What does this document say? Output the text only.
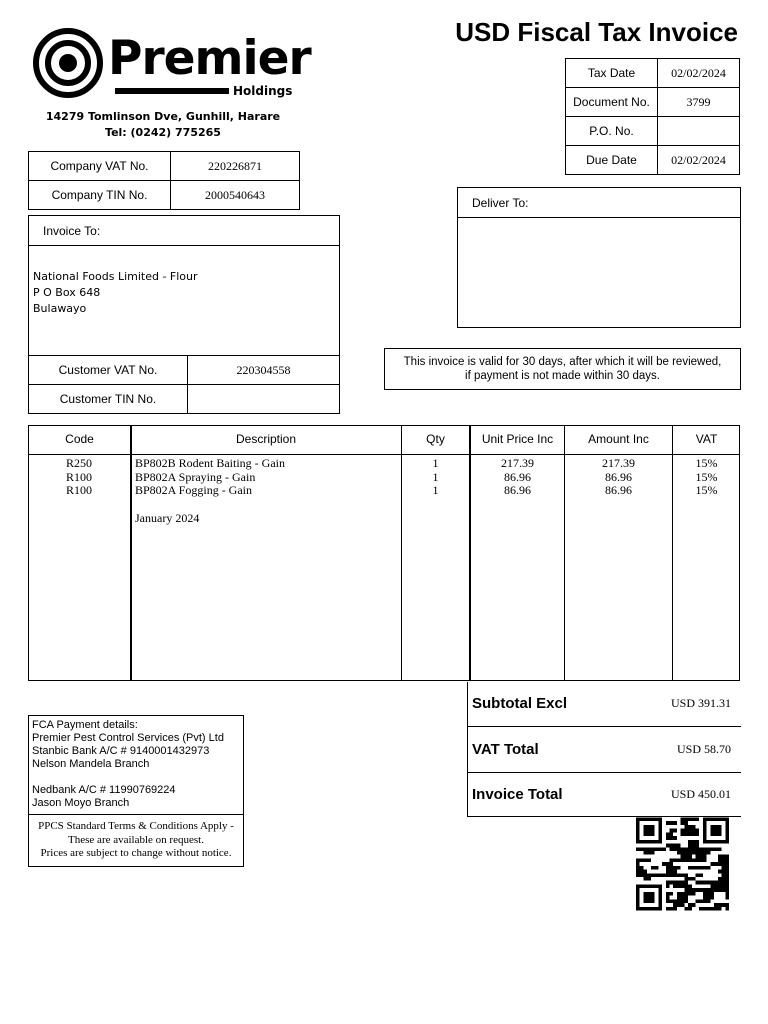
Premier
Holdings
14279 Tomlinson Dve, Gunhill, Harare
Tel: (0242) 775265
USD Fiscal Tax Invoice
Tax Date	02/02/2024
Document No.	3799
P.O. No.	
Due Date	02/02/2024
Company VAT No.	220226871
Company TIN No.	2000540643
Invoice To:
National Foods Limited - Flour
P O Box 648
Bulawayo
Customer VAT No.	220304558
Customer TIN No.	
Deliver To:
This invoice is valid for 30 days, after which it will be reviewed,
if payment is not made within 30 days.
Code	Description	Qty	Unit Price Inc	Amount Inc	VAT
R250	BP802B Rodent Baiting - Gain	1	217.39	217.39	15%
R100	BP802A Spraying - Gain	1	86.96	86.96	15%
R100	BP802A Fogging - Gain	1	86.96	86.96	15%
January 2024
Subtotal Excl	USD 391.31
VAT Total	USD 58.70
Invoice Total	USD 450.01
FCA Payment details:
Premier Pest Control Services (Pvt) Ltd
Stanbic Bank A/C # 9140001432973
Nelson Mandela Branch
Nedbank A/C # 11990769224
Jason Moyo Branch
PPCS Standard Terms & Conditions Apply -
These are available on request.
Prices are subject to change without notice.
